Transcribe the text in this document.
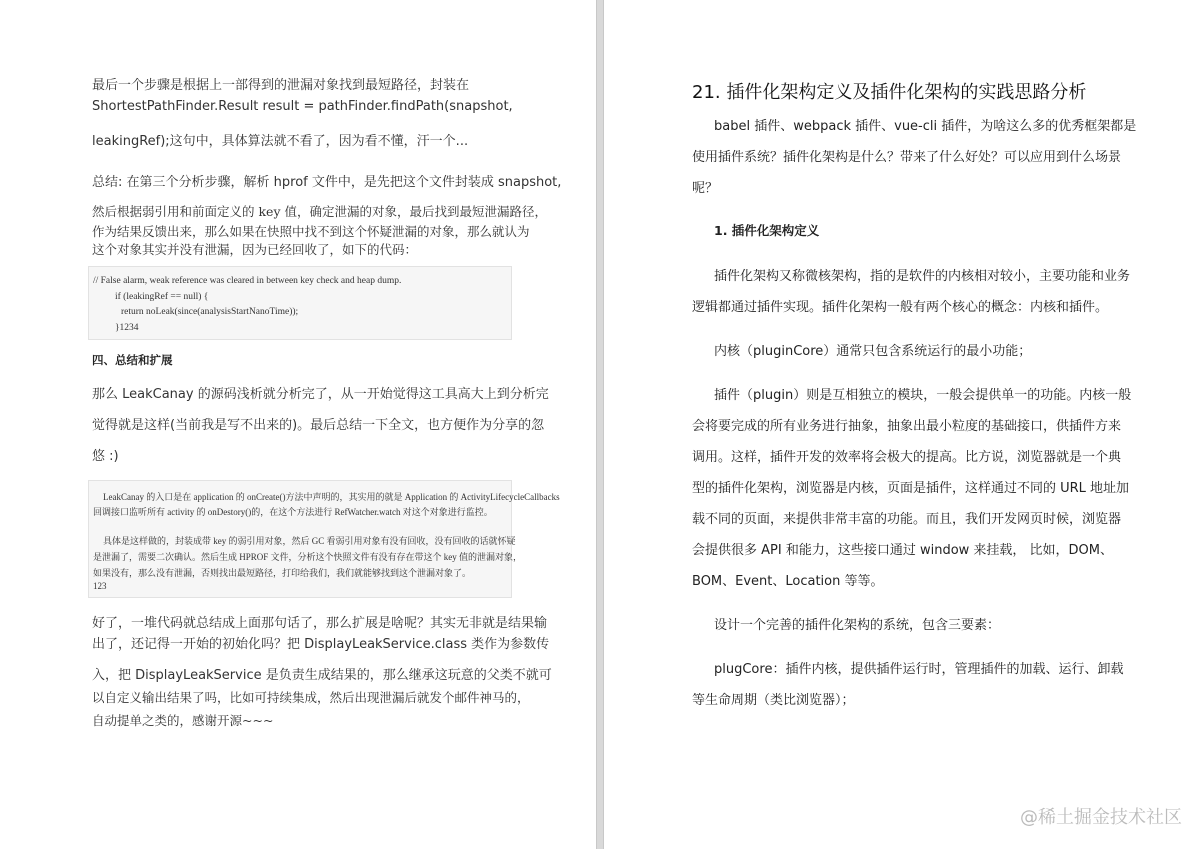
最后一个步骤是根据上一部得到的泄漏对象找到最短路径，封装在
ShortestPathFinder.Result result = pathFinder.findPath(snapshot,
leakingRef);这句中，具体算法就不看了，因为看不懂，汗一个...
总结: 在第三个分析步骤，解析 hprof 文件中，是先把这个文件封装成 snapshot,
然后根据弱引用和前面定义的 key 值，确定泄漏的对象，最后找到最短泄漏路径，
作为结果反馈出来，那么如果在快照中找不到这个怀疑泄漏的对象，那么就认为
这个对象其实并没有泄漏，因为已经回收了，如下的代码：
// False alarm, weak reference was cleared in between key check and heap dump.
if (leakingRef == null) {
return noLeak(since(analysisStartNanoTime));
}1234
四、总结和扩展
那么 LeakCanay 的源码浅析就分析完了，从一开始觉得这工具高大上到分析完
觉得就是这样(当前我是写不出来的)。最后总结一下全文，也方便作为分享的忽
悠 :)
LeakCanay 的入口是在 application 的 onCreate()方法中声明的，其实用的就是 Application 的 ActivityLifecycleCallbacks
回调接口监听所有 activity 的 onDestory()的，在这个方法进行 RefWatcher.watch 对这个对象进行监控。
具体是这样做的，封装成带 key 的弱引用对象，然后 GC 看弱引用对象有没有回收，没有回收的话就怀疑
是泄漏了，需要二次确认。然后生成 HPROF 文件，分析这个快照文件有没有存在带这个 key 值的泄漏对象，
如果没有，那么没有泄漏，否则找出最短路径，打印给我们，我们就能够找到这个泄漏对象了。
123
好了，一堆代码就总结成上面那句话了，那么扩展是啥呢？其实无非就是结果输
出了，还记得一开始的初始化吗？把 DisplayLeakService.class 类作为参数传
入，把 DisplayLeakService 是负责生成结果的，那么继承这玩意的父类不就可
以自定义输出结果了吗，比如可持续集成，然后出现泄漏后就发个邮件神马的，
自动提单之类的，感谢开源~~~
21. 插件化架构定义及插件化架构的实践思路分析
babel 插件、webpack 插件、vue-cli 插件，为啥这么多的优秀框架都是
使用插件系统？插件化架构是什么？带来了什么好处？可以应用到什么场景
呢？
1. 插件化架构定义
插件化架构又称微核架构，指的是软件的内核相对较小，主要功能和业务
逻辑都通过插件实现。插件化架构一般有两个核心的概念：内核和插件。
内核（pluginCore）通常只包含系统运行的最小功能；
插件（plugin）则是互相独立的模块，一般会提供单一的功能。内核一般
会将要完成的所有业务进行抽象，抽象出最小粒度的基础接口，供插件方来
调用。这样，插件开发的效率将会极大的提高。比方说，浏览器就是一个典
型的插件化架构，浏览器是内核，页面是插件，这样通过不同的 URL 地址加
载不同的页面，来提供非常丰富的功能。而且，我们开发网页时候，浏览器
会提供很多 API 和能力，这些接口通过 window 来挂载， 比如，DOM、
BOM、Event、Location 等等。
设计一个完善的插件化架构的系统，包含三要素：
plugCore：插件内核，提供插件运行时，管理插件的加载、运行、卸载
等生命周期（类比浏览器）；
@稀土掘金技术社区
